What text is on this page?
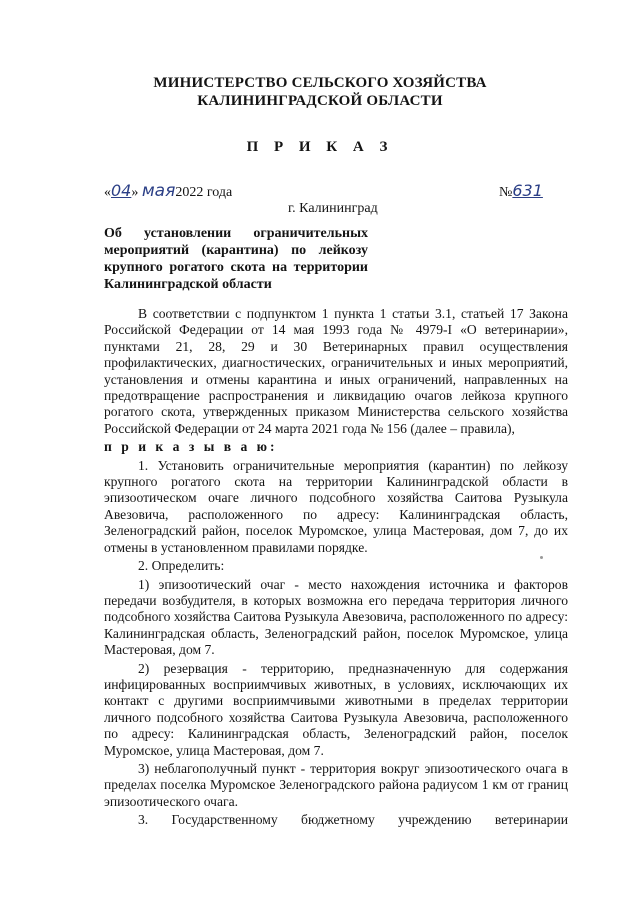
МИНИСТЕРСТВО СЕЛЬСКОГО ХОЗЯЙСТВА
КАЛИНИНГРАДСКОЙ ОБЛАСТИ
П Р И К А З
«04» мая2022 года	№631
г. Калининград
Об установлении ограничительных мероприятий (карантина) по лейкозу крупного рогатого скота на территории Калининградской области

В соответствии с подпунктом 1 пункта 1 статьи 3.1, статьей 17 Закона Российской Федерации от 14 мая 1993 года № 4979-I «О ветеринарии», пунктами 21, 28, 29 и 30 Ветеринарных правил осуществления профилактических, диагностических, ограничительных и иных мероприятий, установления и отмены карантина и иных ограничений, направленных на предотвращение распространения и ликвидацию очагов лейкоза крупного рогатого скота, утвержденных приказом Министерства сельского хозяйства Российской Федерации от 24 марта 2021 года № 156 (далее – правила),

п р и к а з ы в а ю:

1. Установить ограничительные мероприятия (карантин) по лейкозу крупного рогатого скота на территории Калининградской области в эпизоотическом очаге личного подсобного хозяйства Саитова Рузыкула Авезовича, расположенного по адресу: Калининградская область, Зеленоградский район, поселок Муромское, улица Мастеровая, дом 7, до их отмены в установленном правилами порядке.

2. Определить:

1) эпизоотический очаг - место нахождения источника и факторов передачи возбудителя, в которых возможна его передача территория личного подсобного хозяйства Саитова Рузыкула Авезовича, расположенного по адресу: Калининградская область, Зеленоградский район, поселок Муромское, улица Мастеровая, дом 7.

2) резервация - территорию, предназначенную для содержания инфицированных восприимчивых животных, в условиях, исключающих их контакт с другими восприимчивыми животными в пределах территории личного подсобного хозяйства Саитова Рузыкула Авезовича, расположенного по адресу: Калининградская область, Зеленоградский район, поселок Муромское, улица Мастеровая, дом 7.

3) неблагополучный пункт - территория вокруг эпизоотического очага в пределах поселка Муромское Зеленоградского района радиусом 1 км от границ эпизоотического очага.

3. Государственному бюджетному учреждению ветеринарии
